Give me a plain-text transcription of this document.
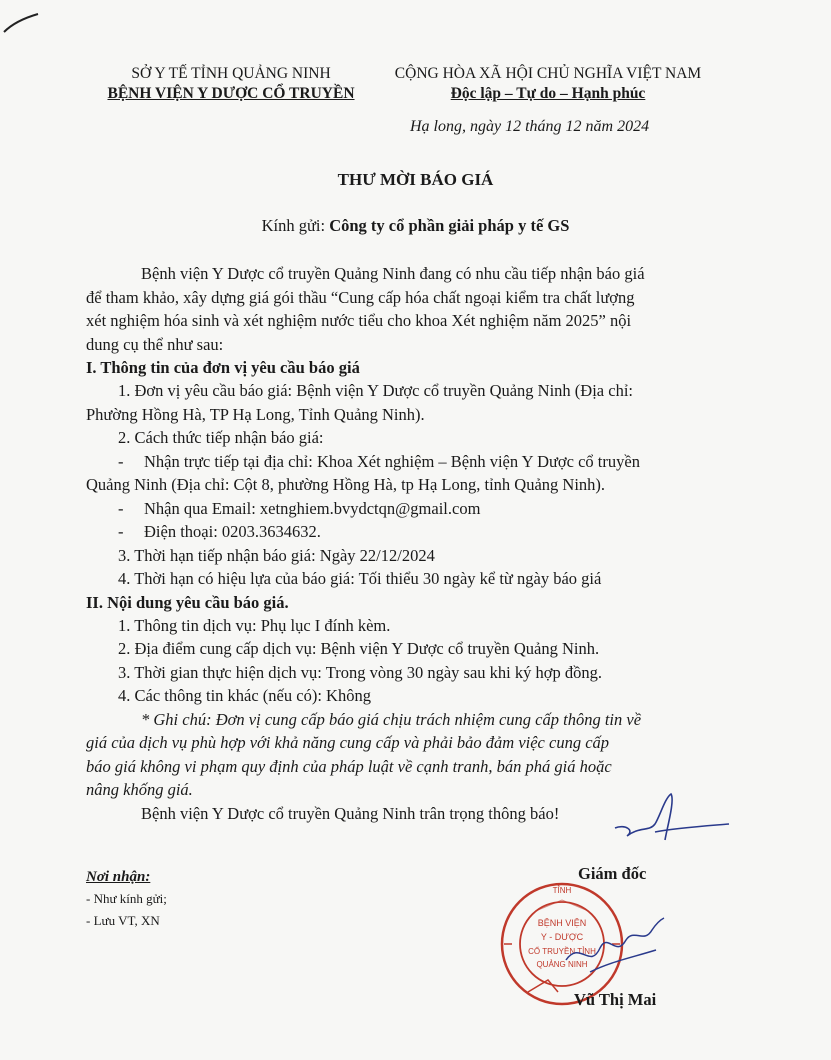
SỞ Y TẾ TỈNH QUẢNG NINH
BỆNH VIỆN Y DƯỢC CỔ TRUYỀN
CỘNG HÒA XÃ HỘI CHỦ NGHĨA VIỆT NAM
Độc lập – Tự do – Hạnh phúc
Hạ long, ngày 12 tháng 12 năm 2024
THƯ MỜI BÁO GIÁ
Kính gửi: Công ty cổ phần giải pháp y tế GS
Bệnh viện Y Dược cổ truyền Quảng Ninh đang có nhu cầu tiếp nhận báo giá
để tham khảo, xây dựng giá gói thầu “Cung cấp hóa chất ngoại kiểm tra chất lượng
xét nghiệm hóa sinh và xét nghiệm nước tiểu cho khoa Xét nghiệm năm 2025” nội
dung cụ thể như sau:
I. Thông tin của đơn vị yêu cầu báo giá
1. Đơn vị yêu cầu báo giá: Bệnh viện Y Dược cổ truyền Quảng Ninh (Địa chỉ:
Phường Hồng Hà, TP Hạ Long, Tỉnh Quảng Ninh).
2. Cách thức tiếp nhận báo giá:
- Nhận trực tiếp tại địa chỉ: Khoa Xét nghiệm – Bệnh viện Y Dược cổ truyền
Quảng Ninh (Địa chỉ: Cột 8, phường Hồng Hà, tp Hạ Long, tỉnh Quảng Ninh).
- Nhận qua Email: xetnghiem.bvydctqn@gmail.com
- Điện thoại: 0203.3634632.
3. Thời hạn tiếp nhận báo giá: Ngày 22/12/2024
4. Thời hạn có hiệu lựa của báo giá: Tối thiểu 30 ngày kể từ ngày báo giá
II. Nội dung yêu cầu báo giá.
1. Thông tin dịch vụ: Phụ lục I đính kèm.
2. Địa điểm cung cấp dịch vụ: Bệnh viện Y Dược cổ truyền Quảng Ninh.
3. Thời gian thực hiện dịch vụ: Trong vòng 30 ngày sau khi ký hợp đồng.
4. Các thông tin khác (nếu có): Không
* Ghi chú: Đơn vị cung cấp báo giá chịu trách nhiệm cung cấp thông tin về
giá của dịch vụ phù hợp với khả năng cung cấp và phải bảo đảm việc cung cấp
báo giá không vi phạm quy định của pháp luật về cạnh tranh, bán phá giá hoặc
nâng khống giá.
Bệnh viện Y Dược cổ truyền Quảng Ninh trân trọng thông báo!
Nơi nhận:
- Như kính gửi;
- Lưu VT, XN
Giám đốc
TỈNH
BỆNH VIỆN
Y - DƯỢC
CỔ TRUYỀN TỈNH
QUẢNG NINH
Vũ Thị Mai
